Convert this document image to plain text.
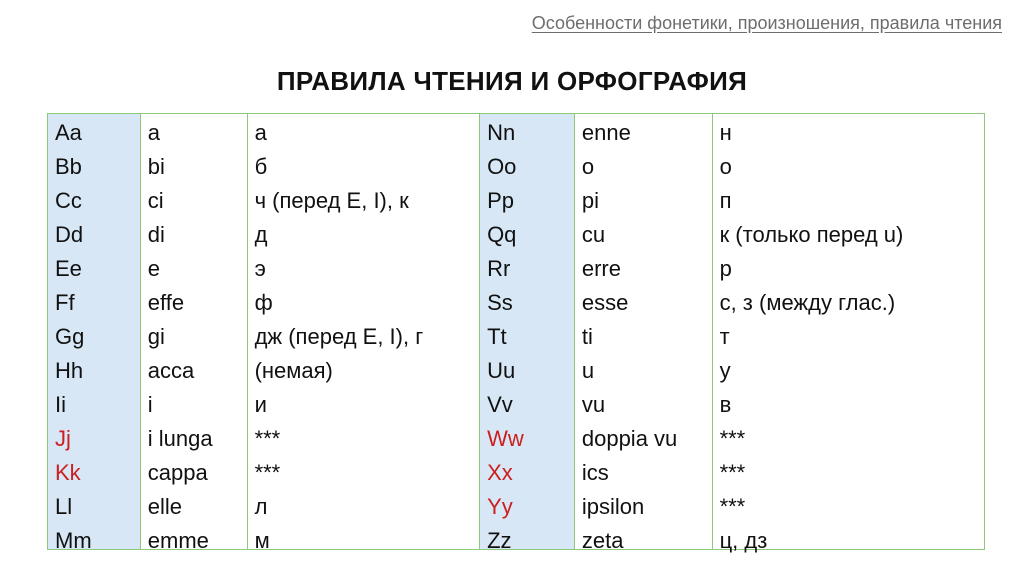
Особенности фонетики, произношения, правила чтения
ПРАВИЛА ЧТЕНИЯ И ОРФОГРАФИЯ
Aa
Bb
Cc
Dd
Ee
Ff
Gg
Hh
Ii
Jj
Kk
Ll
Mm
a
bi
ci
di
e
effe
gi
acca
i
i lunga
cappa
elle
emme
а
б
ч (перед E, I), к
д
э
ф
дж (перед E, I), г
(немая)
и
***
***
л
м
Nn
Oo
Pp
Qq
Rr
Ss
Tt
Uu
Vv
Ww
Xx
Yy
Zz
enne
o
pi
cu
erre
esse
ti
u
vu
doppia vu
ics
ipsilon
zeta
н
о
п
к (только перед u)
р
с, з (между глас.)
т
у
в
***
***
***
ц, дз
